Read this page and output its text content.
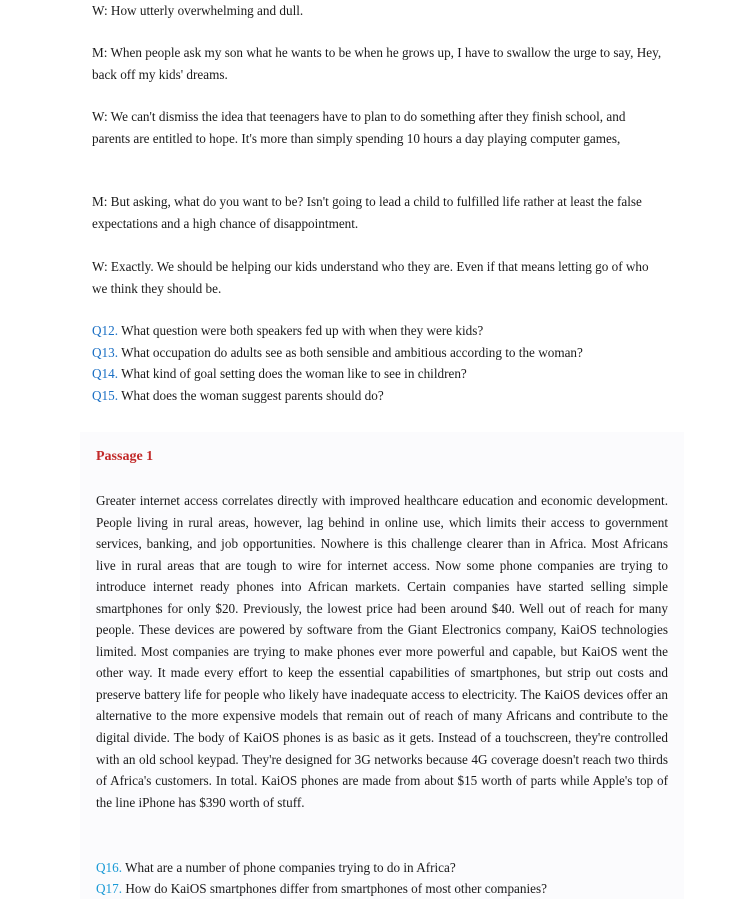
W: How utterly overwhelming and dull.

M: When people ask my son what he wants to be when he grows up, I have to swallow the urge to say, Hey, back off my kids' dreams.

W: We can't dismiss the idea that teenagers have to plan to do something after they finish school, and parents are entitled to hope. It's more than simply spending 10 hours a day playing computer games,

M: But asking, what do you want to be? Isn't going to lead a child to fulfilled life rather at least the false expectations and a high chance of disappointment.

W: Exactly. We should be helping our kids understand who they are. Even if that means letting go of who we think they should be.

Q12. What question were both speakers fed up with when they were kids?

Q13. What occupation do adults see as both sensible and ambitious according to the woman?

Q14. What kind of goal setting does the woman like to see in children?

Q15. What does the woman suggest parents should do?

Passage 1

Greater internet access correlates directly with improved healthcare education and economic development. People living in rural areas, however, lag behind in online use, which limits their access to government services, banking, and job opportunities. Nowhere is this challenge clearer than in Africa. Most Africans live in rural areas that are tough to wire for internet access. Now some phone companies are trying to introduce internet ready phones into African markets. Certain companies have started selling simple smartphones for only $20. Previously, the lowest price had been around $40. Well out of reach for many people. These devices are powered by software from the Giant Electronics company, KaiOS technologies limited. Most companies are trying to make phones ever more powerful and capable, but KaiOS went the other way. It made every effort to keep the essential capabilities of smartphones, but strip out costs and preserve battery life for people who likely have inadequate access to electricity. The KaiOS devices offer an alternative to the more expensive models that remain out of reach of many Africans and contribute to the digital divide. The body of KaiOS phones is as basic as it gets. Instead of a touchscreen, they're controlled with an old school keypad. They're designed for 3G networks because 4G coverage doesn't reach two thirds of Africa's customers. In total. KaiOS phones are made from about $15 worth of parts while Apple's top of the line iPhone has $390 worth of stuff.

Q16. What are a number of phone companies trying to do in Africa?

Q17. How do KaiOS smartphones differ from smartphones of most other companies?
